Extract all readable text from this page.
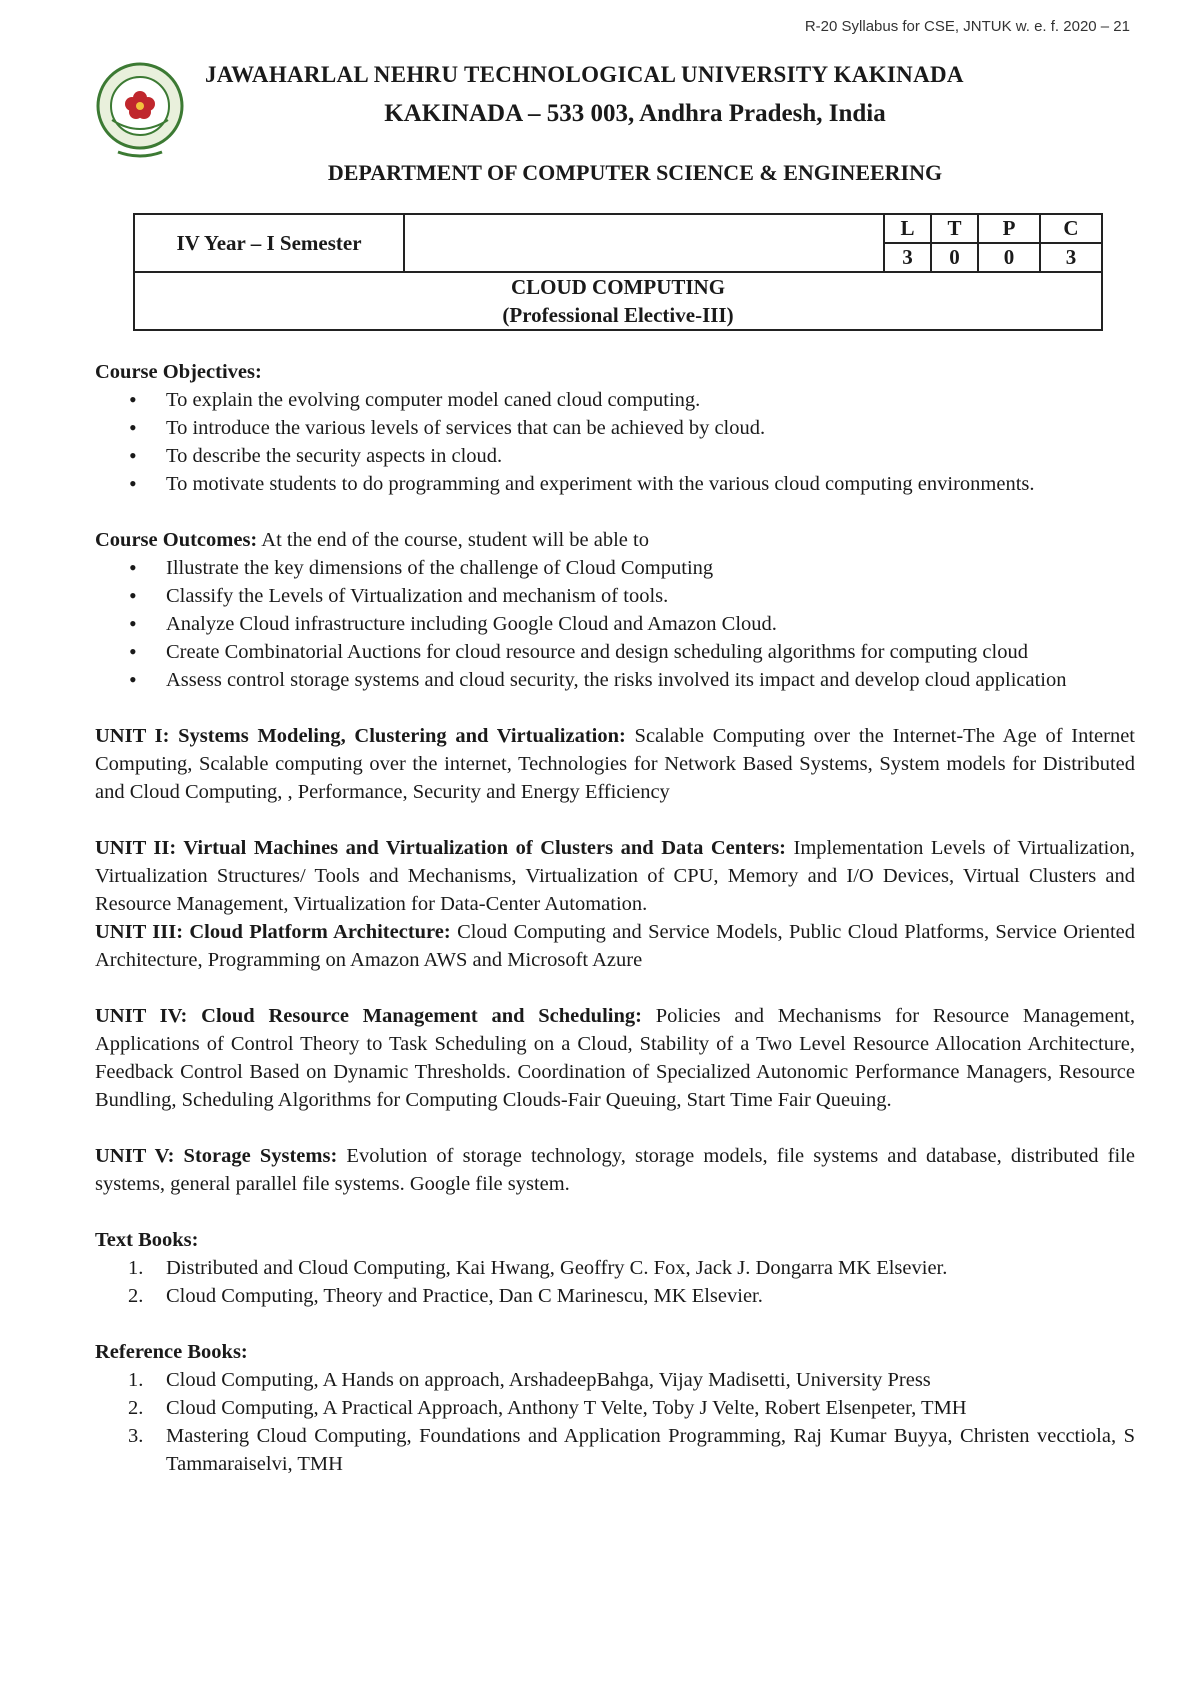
R-20 Syllabus for CSE, JNTUK w. e. f. 2020 – 21
JAWAHARLAL NEHRU TECHNOLOGICAL UNIVERSITY KAKINADA
KAKINADA – 533 003, Andhra Pradesh, India
DEPARTMENT OF COMPUTER SCIENCE & ENGINEERING
IV Year – I Semester		L	T	P	C
		3	0	0	3

CLOUD COMPUTING
(Professional Elective-III)					
Course Objectives:
• To explain the evolving computer model caned cloud computing.
• To introduce the various levels of services that can be achieved by cloud.
• To describe the security aspects in cloud.
• To motivate students to do programming and experiment with the various cloud computing environments.
Course Outcomes: At the end of the course, student will be able to
• Illustrate the key dimensions of the challenge of Cloud Computing
• Classify the Levels of Virtualization and mechanism of tools.
• Analyze Cloud infrastructure including Google Cloud and Amazon Cloud.
• Create Combinatorial Auctions for cloud resource and design scheduling algorithms for computing cloud
• Assess control storage systems and cloud security, the risks involved its impact and develop cloud application

UNIT I: Systems Modeling, Clustering and Virtualization: Scalable Computing over the Internet-The Age of Internet Computing, Scalable computing over the internet, Technologies for Network Based Systems, System models for Distributed and Cloud Computing, , Performance, Security and Energy Efficiency

UNIT II: Virtual Machines and Virtualization of Clusters and Data Centers: Implementation Levels of Virtualization, Virtualization Structures/ Tools and Mechanisms, Virtualization of CPU, Memory and I/O Devices, Virtual Clusters and Resource Management, Virtualization for Data-Center Automation.

UNIT III: Cloud Platform Architecture: Cloud Computing and Service Models, Public Cloud Platforms, Service Oriented Architecture, Programming on Amazon AWS and Microsoft Azure

UNIT IV: Cloud Resource Management and Scheduling: Policies and Mechanisms for Resource Management, Applications of Control Theory to Task Scheduling on a Cloud, Stability of a Two Level Resource Allocation Architecture, Feedback Control Based on Dynamic Thresholds. Coordination of Specialized Autonomic Performance Managers, Resource Bundling, Scheduling Algorithms for Computing Clouds-Fair Queuing, Start Time Fair Queuing.

UNIT V: Storage Systems: Evolution of storage technology, storage models, file systems and database, distributed file systems, general parallel file systems. Google file system.

Text Books:
1. Distributed and Cloud Computing, Kai Hwang, Geoffry C. Fox, Jack J. Dongarra MK Elsevier.
2. Cloud Computing, Theory and Practice, Dan C Marinescu, MK Elsevier.
Reference Books:
1. Cloud Computing, A Hands on approach, ArshadeepBahga, Vijay Madisetti, University Press
2. Cloud Computing, A Practical Approach, Anthony T Velte, Toby J Velte, Robert Elsenpeter, TMH
3. Mastering Cloud Computing, Foundations and Application Programming, Raj Kumar Buyya, Christen vecctiola, S Tammaraiselvi, TMH
